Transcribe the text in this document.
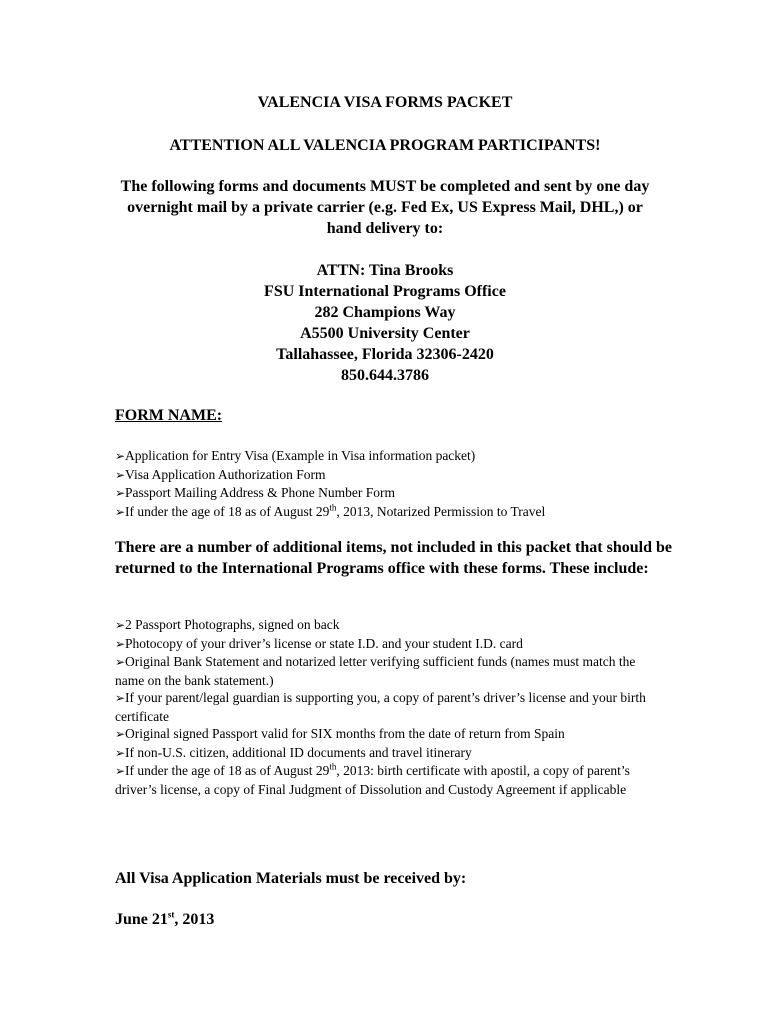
VALENCIA VISA FORMS PACKET
ATTENTION ALL VALENCIA PROGRAM PARTICIPANTS!
The following forms and documents MUST be completed and sent by one day overnight mail by a private carrier (e.g. Fed Ex, US Express Mail, DHL,) or hand delivery to:
ATTN: Tina Brooks
FSU International Programs Office
282 Champions Way
A5500 University Center
Tallahassee, Florida 32306-2420
850.644.3786
FORM NAME:
➢Application for Entry Visa (Example in Visa information packet)
➢Visa Application Authorization Form
➢Passport Mailing Address & Phone Number Form
➢If under the age of 18 as of August 29th, 2013, Notarized Permission to Travel
There are a number of additional items, not included in this packet that should be returned to the International Programs office with these forms. These include:
➢2 Passport Photographs, signed on back
➢Photocopy of your driver’s license or state I.D. and your student I.D. card
➢Original Bank Statement and notarized letter verifying sufficient funds (names must match the name on the bank statement.)
➢If your parent/legal guardian is supporting you, a copy of parent’s driver’s license and your birth certificate
➢Original signed Passport valid for SIX months from the date of return from Spain
➢If non-U.S. citizen, additional ID documents and travel itinerary
➢If under the age of 18 as of August 29th, 2013: birth certificate with apostil, a copy of parent’s driver’s license, a copy of Final Judgment of Dissolution and Custody Agreement if applicable
All Visa Application Materials must be received by:
June 21st, 2013
